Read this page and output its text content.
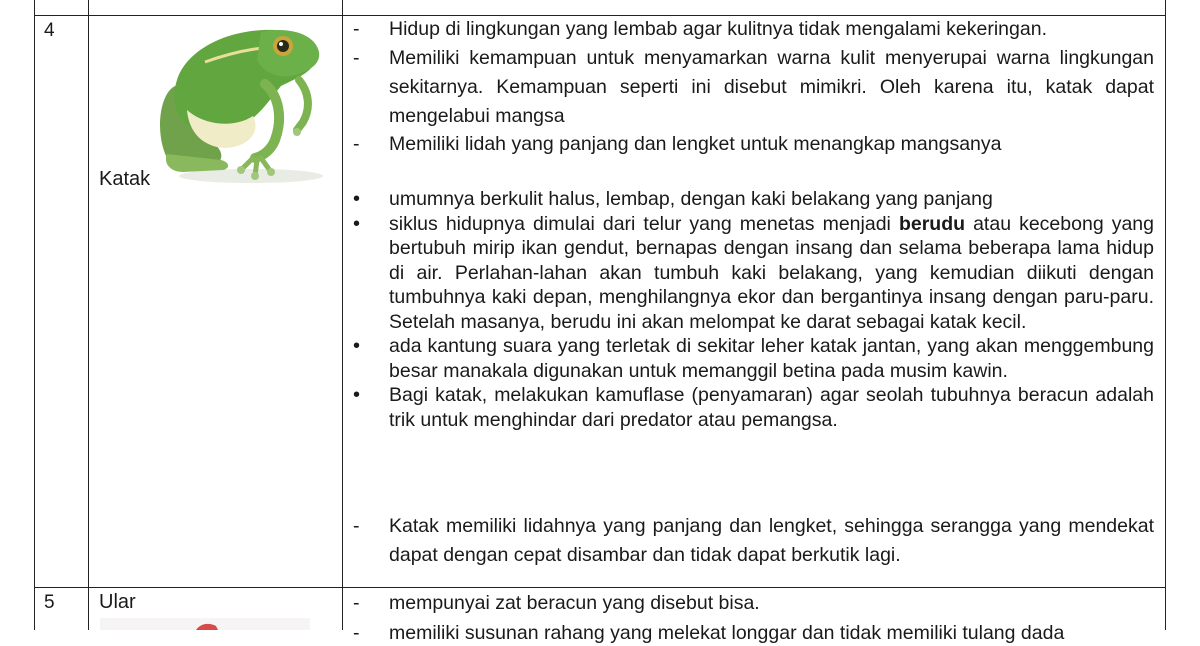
4
Katak
- Hidup di lingkungan yang lembab agar kulitnya tidak mengalami kekeringan.
- Memiliki kemampuan untuk menyamarkan warna kulit menyerupai warna lingkungan sekitarnya. Kemampuan seperti ini disebut mimikri. Oleh karena itu, katak dapat mengelabui mangsa
- Memiliki lidah yang panjang dan lengket untuk menangkap mangsanya
• umumnya berkulit halus, lembap, dengan kaki belakang yang panjang
• siklus hidupnya dimulai dari telur yang menetas menjadi berudu atau kecebong yang bertubuh mirip ikan gendut, bernapas dengan insang dan selama beberapa lama hidup di air. Perlahan-lahan akan tumbuh kaki belakang, yang kemudian diikuti dengan tumbuhnya kaki depan, menghilangnya ekor dan bergantinya insang dengan paru-paru. Setelah masanya, berudu ini akan melompat ke darat sebagai katak kecil.
• ada kantung suara yang terletak di sekitar leher katak jantan, yang akan menggembung besar manakala digunakan untuk memanggil betina pada musim kawin.
• Bagi katak, melakukan kamuflase (penyamaran) agar seolah tubuhnya beracun adalah trik untuk menghindar dari predator atau pemangsa.
- Katak memiliki lidahnya yang panjang dan lengket, sehingga serangga yang mendekat dapat dengan cepat disambar dan tidak dapat berkutik lagi.
5 Ular
-	mempunyai zat beracun yang disebut bisa.
- memiliki susunan rahang yang melekat longgar dan tidak memiliki tulang dada
